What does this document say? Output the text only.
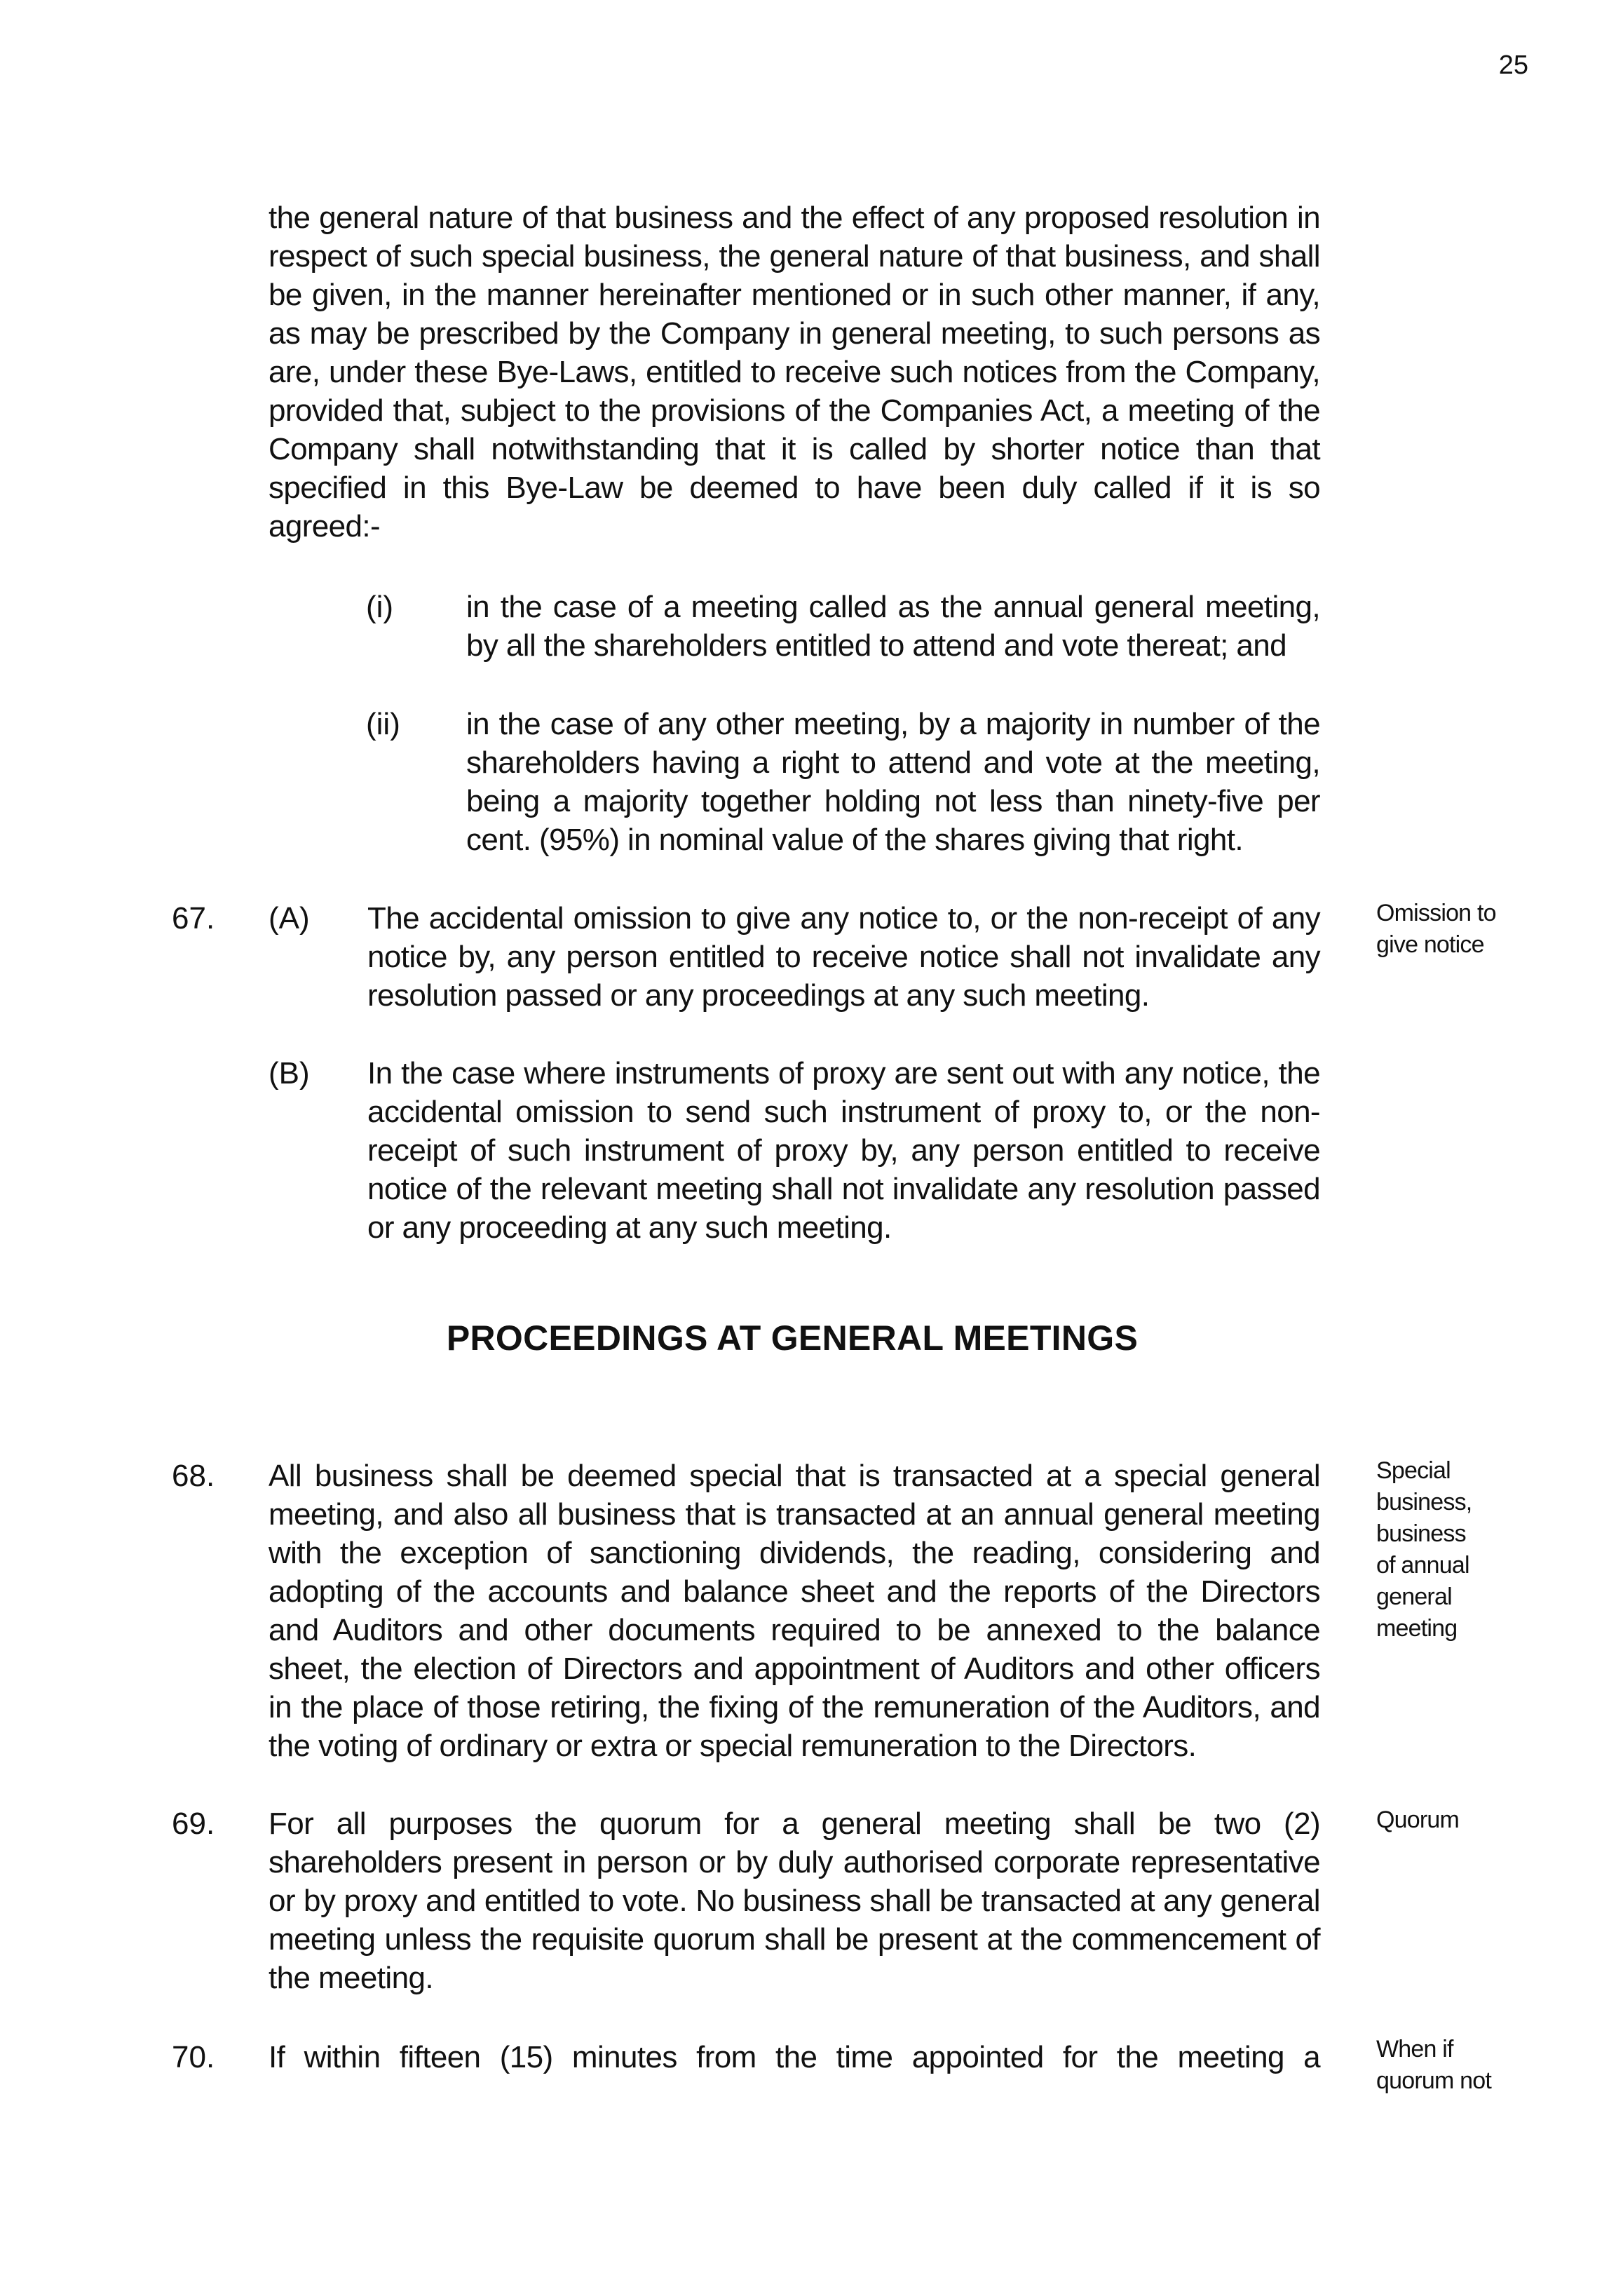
25
the general nature of that business and the effect of any proposed resolution in respect of such special business, the general nature of that business, and shall be given, in the manner hereinafter mentioned or in such other manner, if any, as may be prescribed by the Company in general meeting, to such persons as are, under these Bye-Laws, entitled to receive such notices from the Company, provided that, subject to the provisions of the Companies Act, a meeting of the Company shall notwithstanding that it is called by shorter notice than that specified in this Bye-Law be deemed to have been duly called if it is so agreed:-
(i) in the case of a meeting called as the annual general meeting, by all the shareholders entitled to attend and vote thereat; and
(ii) in the case of any other meeting, by a majority in number of the shareholders having a right to attend and vote at the meeting, being a majority together holding not less than ninety-five per cent. (95%) in nominal value of the shares giving that right.
67. (A) The accidental omission to give any notice to, or the non-receipt of any notice by, any person entitled to receive notice shall not invalidate any resolution passed or any proceedings at any such meeting.
Omission to give notice
(B) In the case where instruments of proxy are sent out with any notice, the accidental omission to send such instrument of proxy to, or the non-receipt of such instrument of proxy by, any person entitled to receive notice of the relevant meeting shall not invalidate any resolution passed or any proceeding at any such meeting.
PROCEEDINGS AT GENERAL MEETINGS
68. All business shall be deemed special that is transacted at a special general meeting, and also all business that is transacted at an annual general meeting with the exception of sanctioning dividends, the reading, considering and adopting of the accounts and balance sheet and the reports of the Directors and Auditors and other documents required to be annexed to the balance sheet, the election of Directors and appointment of Auditors and other officers in the place of those retiring, the fixing of the remuneration of the Auditors, and the voting of ordinary or extra or special remuneration to the Directors.
Special business, business of annual general meeting
69. For all purposes the quorum for a general meeting shall be two (2) shareholders present in person or by duly authorised corporate representative or by proxy and entitled to vote. No business shall be transacted at any general meeting unless the requisite quorum shall be present at the commencement of the meeting.
Quorum
70. If within fifteen (15) minutes from the time appointed for the meeting a When if quorum not
